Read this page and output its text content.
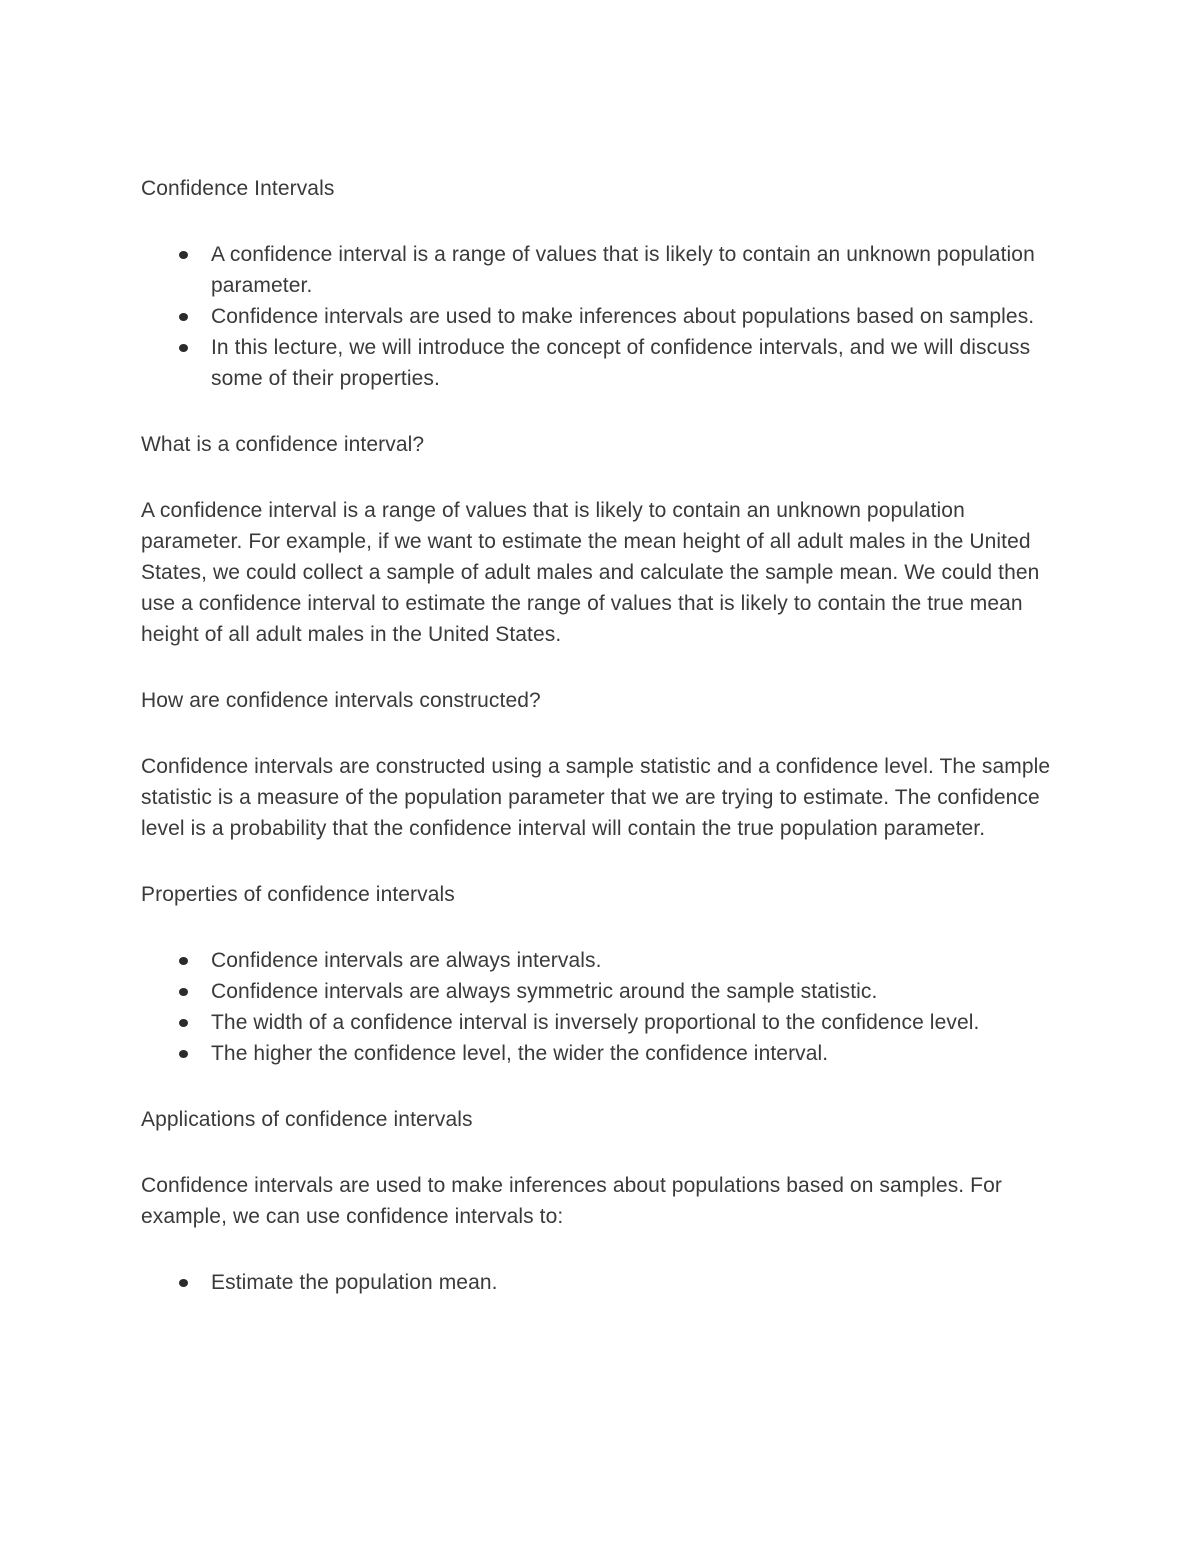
Confidence Intervals

A confidence interval is a range of values that is likely to contain an unknown population parameter.
Confidence intervals are used to make inferences about populations based on samples.
In this lecture, we will introduce the concept of confidence intervals, and we will discuss some of their properties.

What is a confidence interval?

A confidence interval is a range of values that is likely to contain an unknown population parameter. For example, if we want to estimate the mean height of all adult males in the United States, we could collect a sample of adult males and calculate the sample mean. We could then use a confidence interval to estimate the range of values that is likely to contain the true mean height of all adult males in the United States.

How are confidence intervals constructed?

Confidence intervals are constructed using a sample statistic and a confidence level. The sample statistic is a measure of the population parameter that we are trying to estimate. The confidence level is a probability that the confidence interval will contain the true population parameter.

Properties of confidence intervals

Confidence intervals are always intervals.
Confidence intervals are always symmetric around the sample statistic.
The width of a confidence interval is inversely proportional to the confidence level.
The higher the confidence level, the wider the confidence interval.

Applications of confidence intervals

Confidence intervals are used to make inferences about populations based on samples. For example, we can use confidence intervals to:

Estimate the population mean.
